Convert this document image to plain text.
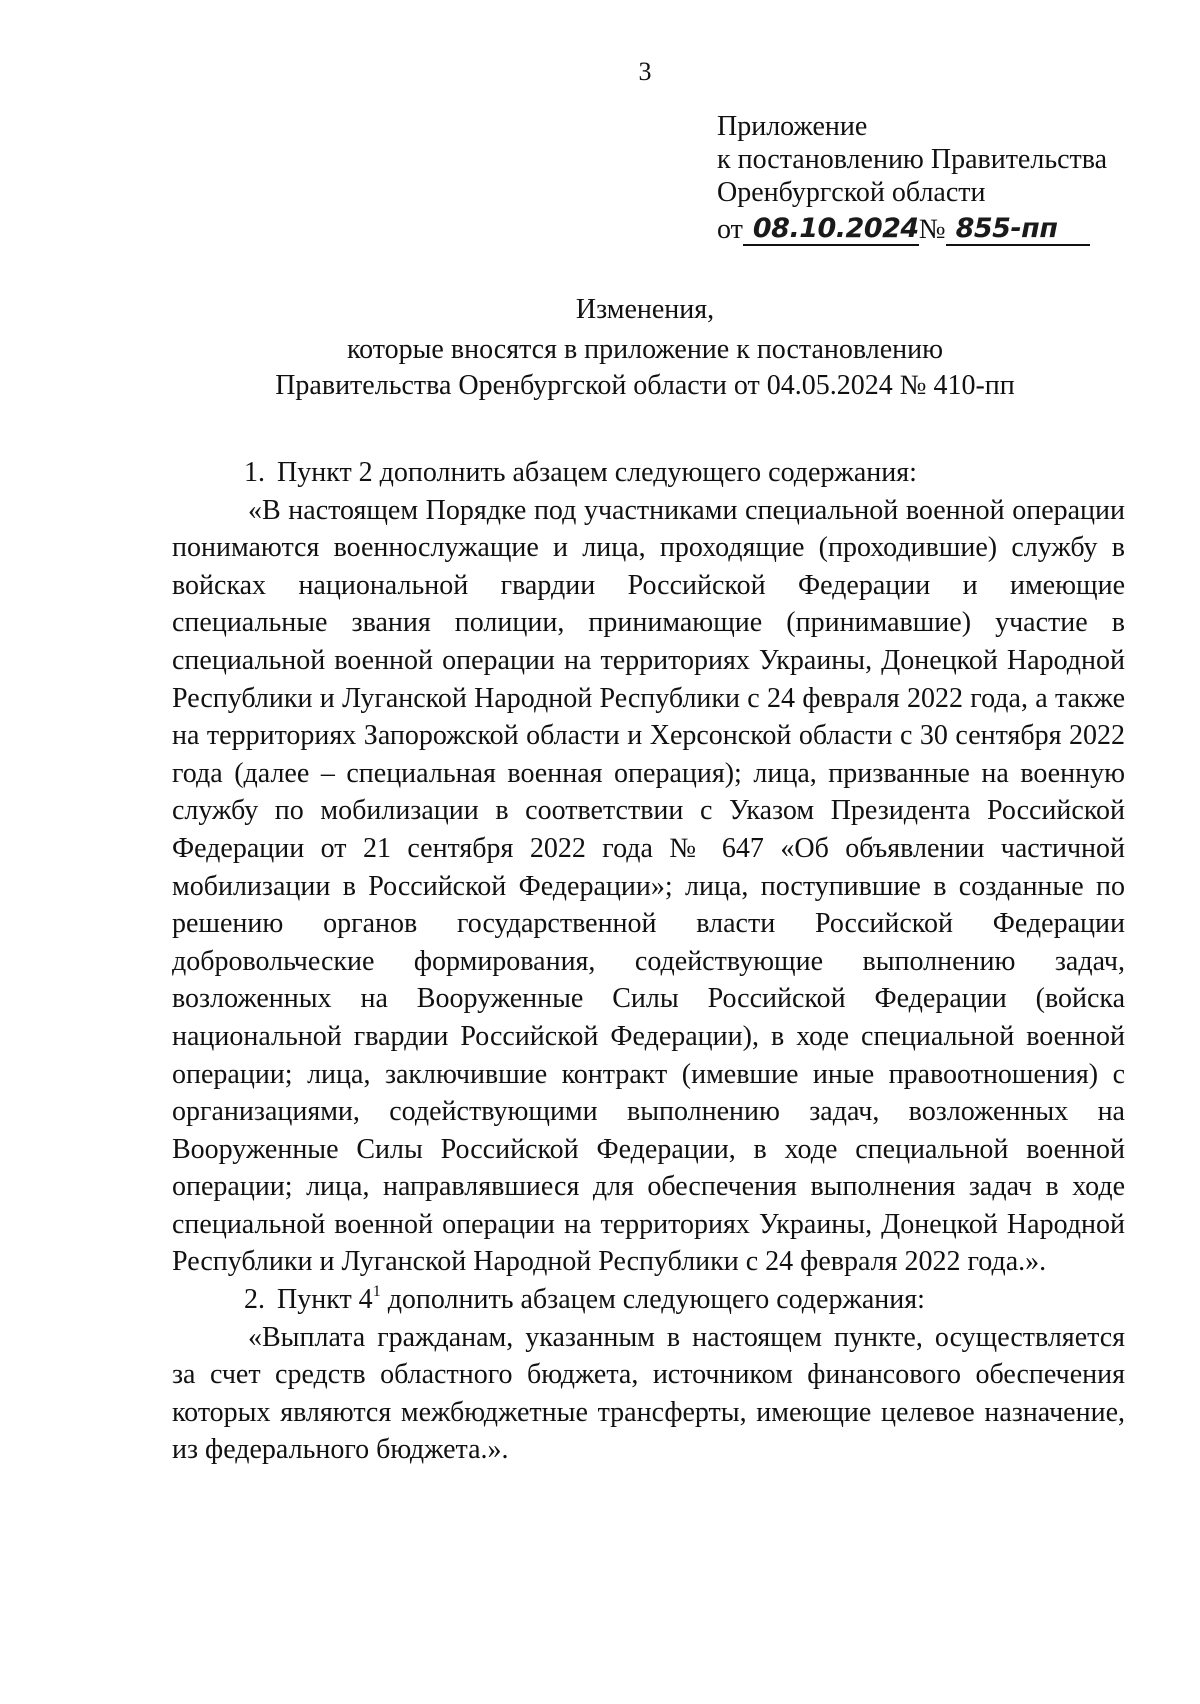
3
Приложение
к постановлению Правительства
Оренбургской области
от 08.10.2024 № 855-пп
Изменения,
которые вносятся в приложение к постановлению
Правительства Оренбургской области от 04.05.2024 № 410-пп

1. Пункт 2 дополнить абзацем следующего содержания:

«В настоящем Порядке под участниками специальной военной операции понимаются военнослужащие и лица, проходящие (проходившие) службу в войсках национальной гвардии Российской Федерации и имеющие специальные звания полиции, принимающие (принимавшие) участие в специальной военной операции на территориях Украины, Донецкой Народной Республики и Луганской Народной Республики с 24 февраля 2022 года, а также на территориях Запорожской области и Херсонской области с 30 сентября 2022 года (далее – специальная военная операция); лица, призванные на военную службу по мобилизации в соответствии с Указом Президента Российской Федерации от 21 сентября 2022 года № 647 «Об объявлении частичной мобилизации в Российской Федерации»; лица, поступившие в созданные по решению органов государственной власти Российской Федерации добровольческие формирования, содействующие выполнению задач, возложенных на Вооруженные Силы Российской Федерации (войска национальной гвардии Российской Федерации), в ходе специальной военной операции; лица, заключившие контракт (имевшие иные правоотношения) с организациями, содействующими выполнению задач, возложенных на Вооруженные Силы Российской Федерации, в ходе специальной военной операции; лица, направлявшиеся для обеспечения выполнения задач в ходе специальной военной операции на территориях Украины, Донецкой Народной Республики и Луганской Народной Республики с 24 февраля 2022 года.».

2. Пункт $4^1$ дополнить абзацем следующего содержания:

«Выплата гражданам, указанным в настоящем пункте, осуществляется за счет средств областного бюджета, источником финансового обеспечения которых являются межбюджетные трансферты, имеющие целевое назначение, из федерального бюджета.».
